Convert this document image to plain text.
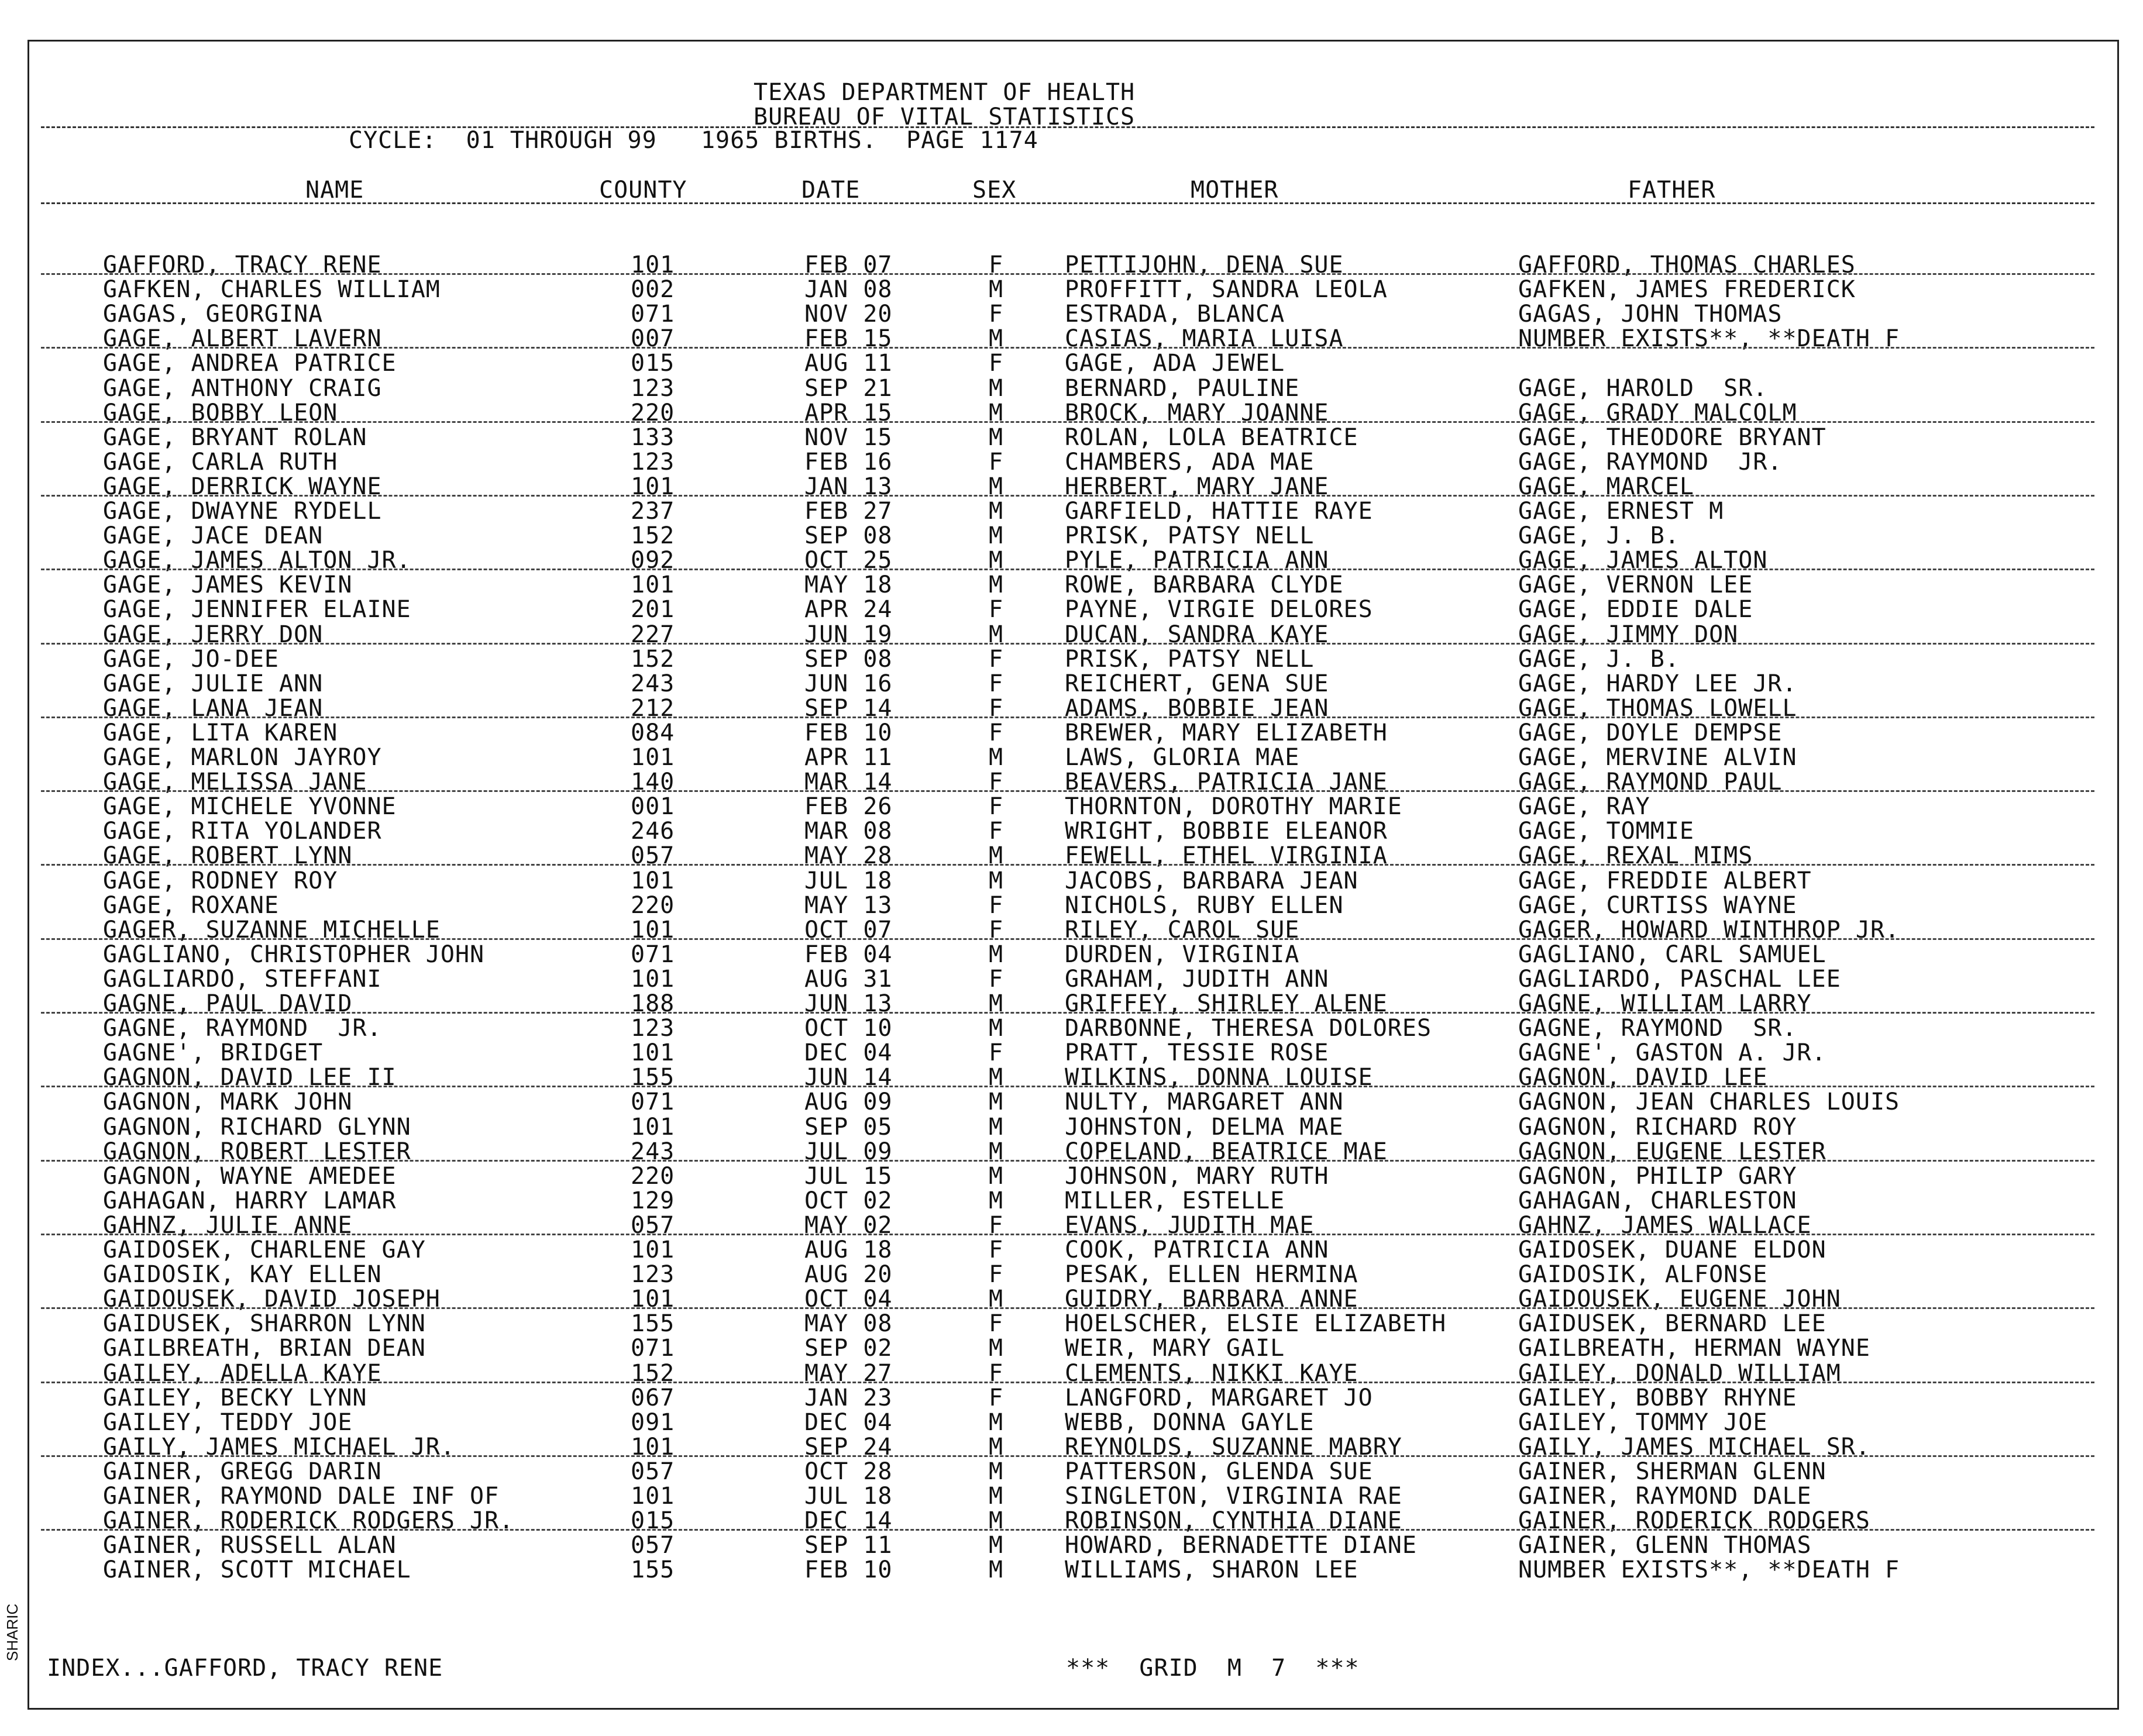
TEXAS DEPARTMENT OF HEALTH
BUREAU OF VITAL STATISTICS
CYCLE:  01 THROUGH 99   1965 BIRTHS.  PAGE 1174
NAME	COUNTY	DATE	SEX	MOTHER	FATHER
GAFFORD, TRACY RENE	101	FEB 07	F	PETTIJOHN, DENA SUE	GAFFORD, THOMAS CHARLES
GAFKEN, CHARLES WILLIAM	002	JAN 08	M	PROFFITT, SANDRA LEOLA	GAFKEN, JAMES FREDERICK
GAGAS, GEORGINA	071	NOV 20	F	ESTRADA, BLANCA	GAGAS, JOHN THOMAS
GAGE, ALBERT LAVERN	007	FEB 15	M	CASIAS, MARIA LUISA	NUMBER EXISTS**, **DEATH F
GAGE, ANDREA PATRICE	015	AUG 11	F	GAGE, ADA JEWEL
GAGE, ANTHONY CRAIG	123	SEP 21	M	BERNARD, PAULINE	GAGE, HAROLD  SR.
GAGE, BOBBY LEON	220	APR 15	M	BROCK, MARY JOANNE	GAGE, GRADY MALCOLM
GAGE, BRYANT ROLAN	133	NOV 15	M	ROLAN, LOLA BEATRICE	GAGE, THEODORE BRYANT
GAGE, CARLA RUTH	123	FEB 16	F	CHAMBERS, ADA MAE	GAGE, RAYMOND  JR.
GAGE, DERRICK WAYNE	101	JAN 13	M	HERBERT, MARY JANE	GAGE, MARCEL
GAGE, DWAYNE RYDELL	237	FEB 27	M	GARFIELD, HATTIE RAYE	GAGE, ERNEST M
GAGE, JACE DEAN	152	SEP 08	M	PRISK, PATSY NELL	GAGE, J. B.
GAGE, JAMES ALTON JR.	092	OCT 25	M	PYLE, PATRICIA ANN	GAGE, JAMES ALTON
GAGE, JAMES KEVIN	101	MAY 18	M	ROWE, BARBARA CLYDE	GAGE, VERNON LEE
GAGE, JENNIFER ELAINE	201	APR 24	F	PAYNE, VIRGIE DELORES	GAGE, EDDIE DALE
GAGE, JERRY DON	227	JUN 19	M	DUCAN, SANDRA KAYE	GAGE, JIMMY DON
GAGE, JO-DEE	152	SEP 08	F	PRISK, PATSY NELL	GAGE, J. B.
GAGE, JULIE ANN	243	JUN 16	F	REICHERT, GENA SUE	GAGE, HARDY LEE JR.
GAGE, LANA JEAN	212	SEP 14	F	ADAMS, BOBBIE JEAN	GAGE, THOMAS LOWELL
GAGE, LITA KAREN	084	FEB 10	F	BREWER, MARY ELIZABETH	GAGE, DOYLE DEMPSE
GAGE, MARLON JAYROY	101	APR 11	M	LAWS, GLORIA MAE	GAGE, MERVINE ALVIN
GAGE, MELISSA JANE	140	MAR 14	F	BEAVERS, PATRICIA JANE	GAGE, RAYMOND PAUL
GAGE, MICHELE YVONNE	001	FEB 26	F	THORNTON, DOROTHY MARIE	GAGE, RAY
GAGE, RITA YOLANDER	246	MAR 08	F	WRIGHT, BOBBIE ELEANOR	GAGE, TOMMIE
GAGE, ROBERT LYNN	057	MAY 28	M	FEWELL, ETHEL VIRGINIA	GAGE, REXAL MIMS
GAGE, RODNEY ROY	101	JUL 18	M	JACOBS, BARBARA JEAN	GAGE, FREDDIE ALBERT
GAGE, ROXANE	220	MAY 13	F	NICHOLS, RUBY ELLEN	GAGE, CURTISS WAYNE
GAGER, SUZANNE MICHELLE	101	OCT 07	F	RILEY, CAROL SUE	GAGER, HOWARD WINTHROP JR.
GAGLIANO, CHRISTOPHER JOHN	071	FEB 04	M	DURDEN, VIRGINIA	GAGLIANO, CARL SAMUEL
GAGLIARDO, STEFFANI	101	AUG 31	F	GRAHAM, JUDITH ANN	GAGLIARDO, PASCHAL LEE
GAGNE, PAUL DAVID	188	JUN 13	M	GRIFFEY, SHIRLEY ALENE	GAGNE, WILLIAM LARRY
GAGNE, RAYMOND  JR.	123	OCT 10	M	DARBONNE, THERESA DOLORES	GAGNE, RAYMOND  SR.
GAGNE', BRIDGET	101	DEC 04	F	PRATT, TESSIE ROSE	GAGNE', GASTON A. JR.
GAGNON, DAVID LEE II	155	JUN 14	M	WILKINS, DONNA LOUISE	GAGNON, DAVID LEE
GAGNON, MARK JOHN	071	AUG 09	M	NULTY, MARGARET ANN	GAGNON, JEAN CHARLES LOUIS
GAGNON, RICHARD GLYNN	101	SEP 05	M	JOHNSTON, DELMA MAE	GAGNON, RICHARD ROY
GAGNON, ROBERT LESTER	243	JUL 09	M	COPELAND, BEATRICE MAE	GAGNON, EUGENE LESTER
GAGNON, WAYNE AMEDEE	220	JUL 15	M	JOHNSON, MARY RUTH	GAGNON, PHILIP GARY
GAHAGAN, HARRY LAMAR	129	OCT 02	M	MILLER, ESTELLE	GAHAGAN, CHARLESTON
GAHNZ, JULIE ANNE	057	MAY 02	F	EVANS, JUDITH MAE	GAHNZ, JAMES WALLACE
GAIDOSEK, CHARLENE GAY	101	AUG 18	F	COOK, PATRICIA ANN	GAIDOSEK, DUANE ELDON
GAIDOSIK, KAY ELLEN	123	AUG 20	F	PESAK, ELLEN HERMINA	GAIDOSIK, ALFONSE
GAIDOUSEK, DAVID JOSEPH	101	OCT 04	M	GUIDRY, BARBARA ANNE	GAIDOUSEK, EUGENE JOHN
GAIDUSEK, SHARRON LYNN	155	MAY 08	F	HOELSCHER, ELSIE ELIZABETH	GAIDUSEK, BERNARD LEE
GAILBREATH, BRIAN DEAN	071	SEP 02	M	WEIR, MARY GAIL	GAILBREATH, HERMAN WAYNE
GAILEY, ADELLA KAYE	152	MAY 27	F	CLEMENTS, NIKKI KAYE	GAILEY, DONALD WILLIAM
GAILEY, BECKY LYNN	067	JAN 23	F	LANGFORD, MARGARET JO	GAILEY, BOBBY RHYNE
GAILEY, TEDDY JOE	091	DEC 04	M	WEBB, DONNA GAYLE	GAILEY, TOMMY JOE
GAILY, JAMES MICHAEL JR.	101	SEP 24	M	REYNOLDS, SUZANNE MABRY	GAILY, JAMES MICHAEL SR.
GAINER, GREGG DARIN	057	OCT 28	M	PATTERSON, GLENDA SUE	GAINER, SHERMAN GLENN
GAINER, RAYMOND DALE INF OF	101	JUL 18	M	SINGLETON, VIRGINIA RAE	GAINER, RAYMOND DALE
GAINER, RODERICK RODGERS JR.	015	DEC 14	M	ROBINSON, CYNTHIA DIANE	GAINER, RODERICK RODGERS
GAINER, RUSSELL ALAN	057	SEP 11	M	HOWARD, BERNADETTE DIANE	GAINER, GLENN THOMAS
GAINER, SCOTT MICHAEL	155	FEB 10	M	WILLIAMS, SHARON LEE	NUMBER EXISTS**, **DEATH F
INDEX...GAFFORD, TRACY RENE	***  GRID  M  7  ***
SHARIC
